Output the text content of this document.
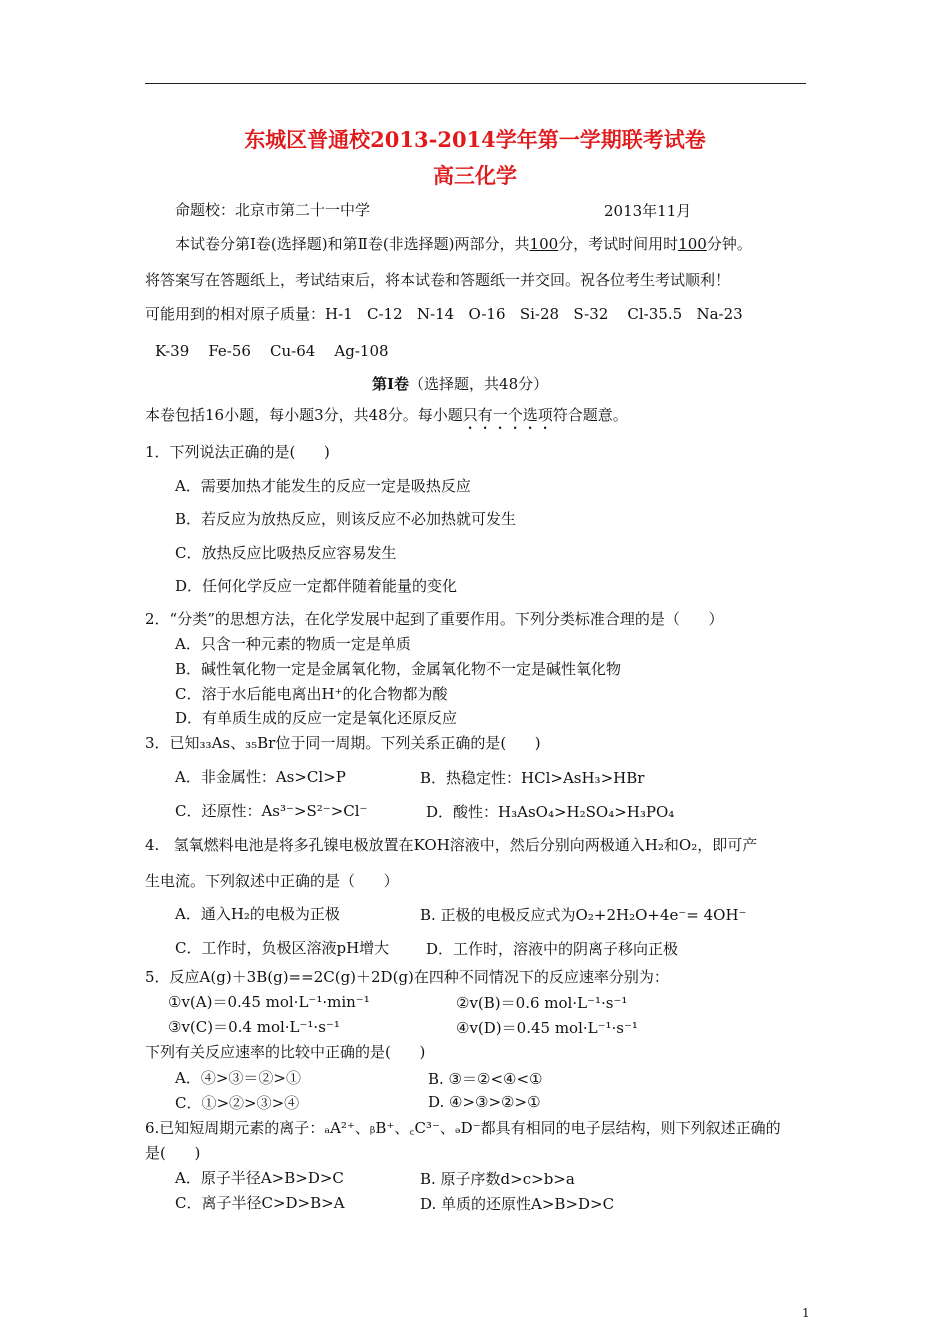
东城区普通校2013-2014学年第一学期联考试卷
高三化学
命题校：北京市第二十一中学	2013年11月
本试卷分第Ⅰ卷(选择题)和第Ⅱ卷(非选择题)两部分，共100分，考试时间用时100分钟。
将答案写在答题纸上，考试结束后，将本试卷和答题纸一并交回。祝各位考生考试顺利！
可能用到的相对原子质量：H-1   C-12   N-14   O-16   Si-28   S-32    Cl-35.5   Na-23
K-39    Fe-56    Cu-64    Ag-108
第Ⅰ卷（选择题，共48分）
本卷包括16小题，每小题3分，共48分。每小题只有一个选项符合题意。
1．下列说法正确的是(      )
A．需要加热才能发生的反应一定是吸热反应
B．若反应为放热反应，则该反应不必加热就可发生
C．放热反应比吸热反应容易发生
D．任何化学反应一定都伴随着能量的变化
2．“分类”的思想方法，在化学发展中起到了重要作用。下列分类标准合理的是（      ）
A．只含一种元素的物质一定是单质
B．碱性氧化物一定是金属氧化物，金属氧化物不一定是碱性氧化物
C．溶于水后能电离出H⁺的化合物都为酸
D．有单质生成的反应一定是氧化还原反应
3．已知₃₃As、₃₅Br位于同一周期。下列关系正确的是(      )
A．非金属性：As>Cl>P	B．热稳定性：HCl>AsH₃>HBr
C．还原性：As³⁻>S²⁻>Cl⁻	D．酸性：H₃AsO₄>H₂SO₄>H₃PO₄
4.   氢氧燃料电池是将多孔镍电极放置在KOH溶液中，然后分别向两极通入H₂和O₂，即可产
生电流。下列叙述中正确的是（      ）
A．通入H₂的电极为正极	B. 正极的电极反应式为O₂+2H₂O+4e⁻= 4OH⁻
C．工作时，负极区溶液pH增大 D．工作时，溶液中的阴离子移向正极
5．反应A(g)＋3B(g)==2C(g)＋2D(g)在四种不同情况下的反应速率分别为：
①v(A)＝0.45 mol·L⁻¹·min⁻¹	②v(B)＝0.6 mol·L⁻¹·s⁻¹
③v(C)＝0.4 mol·L⁻¹·s⁻¹	④v(D)＝0.45 mol·L⁻¹·s⁻¹
下列有关反应速率的比较中正确的是(      )
A．④>③＝②>①	B. ③＝②<④<①
C．①>②>③>④	D. ④>③>②>①
6.已知短周期元素的离子：ₐA²⁺、ᵦB⁺、꜀C³⁻、ₔD⁻都具有相同的电子层结构，则下列叙述正确的
是(      )
A．原子半径A>B>D>C	B. 原子序数d>c>b>a
C．离子半径C>D>B>A	D. 单质的还原性A>B>D>C
1
